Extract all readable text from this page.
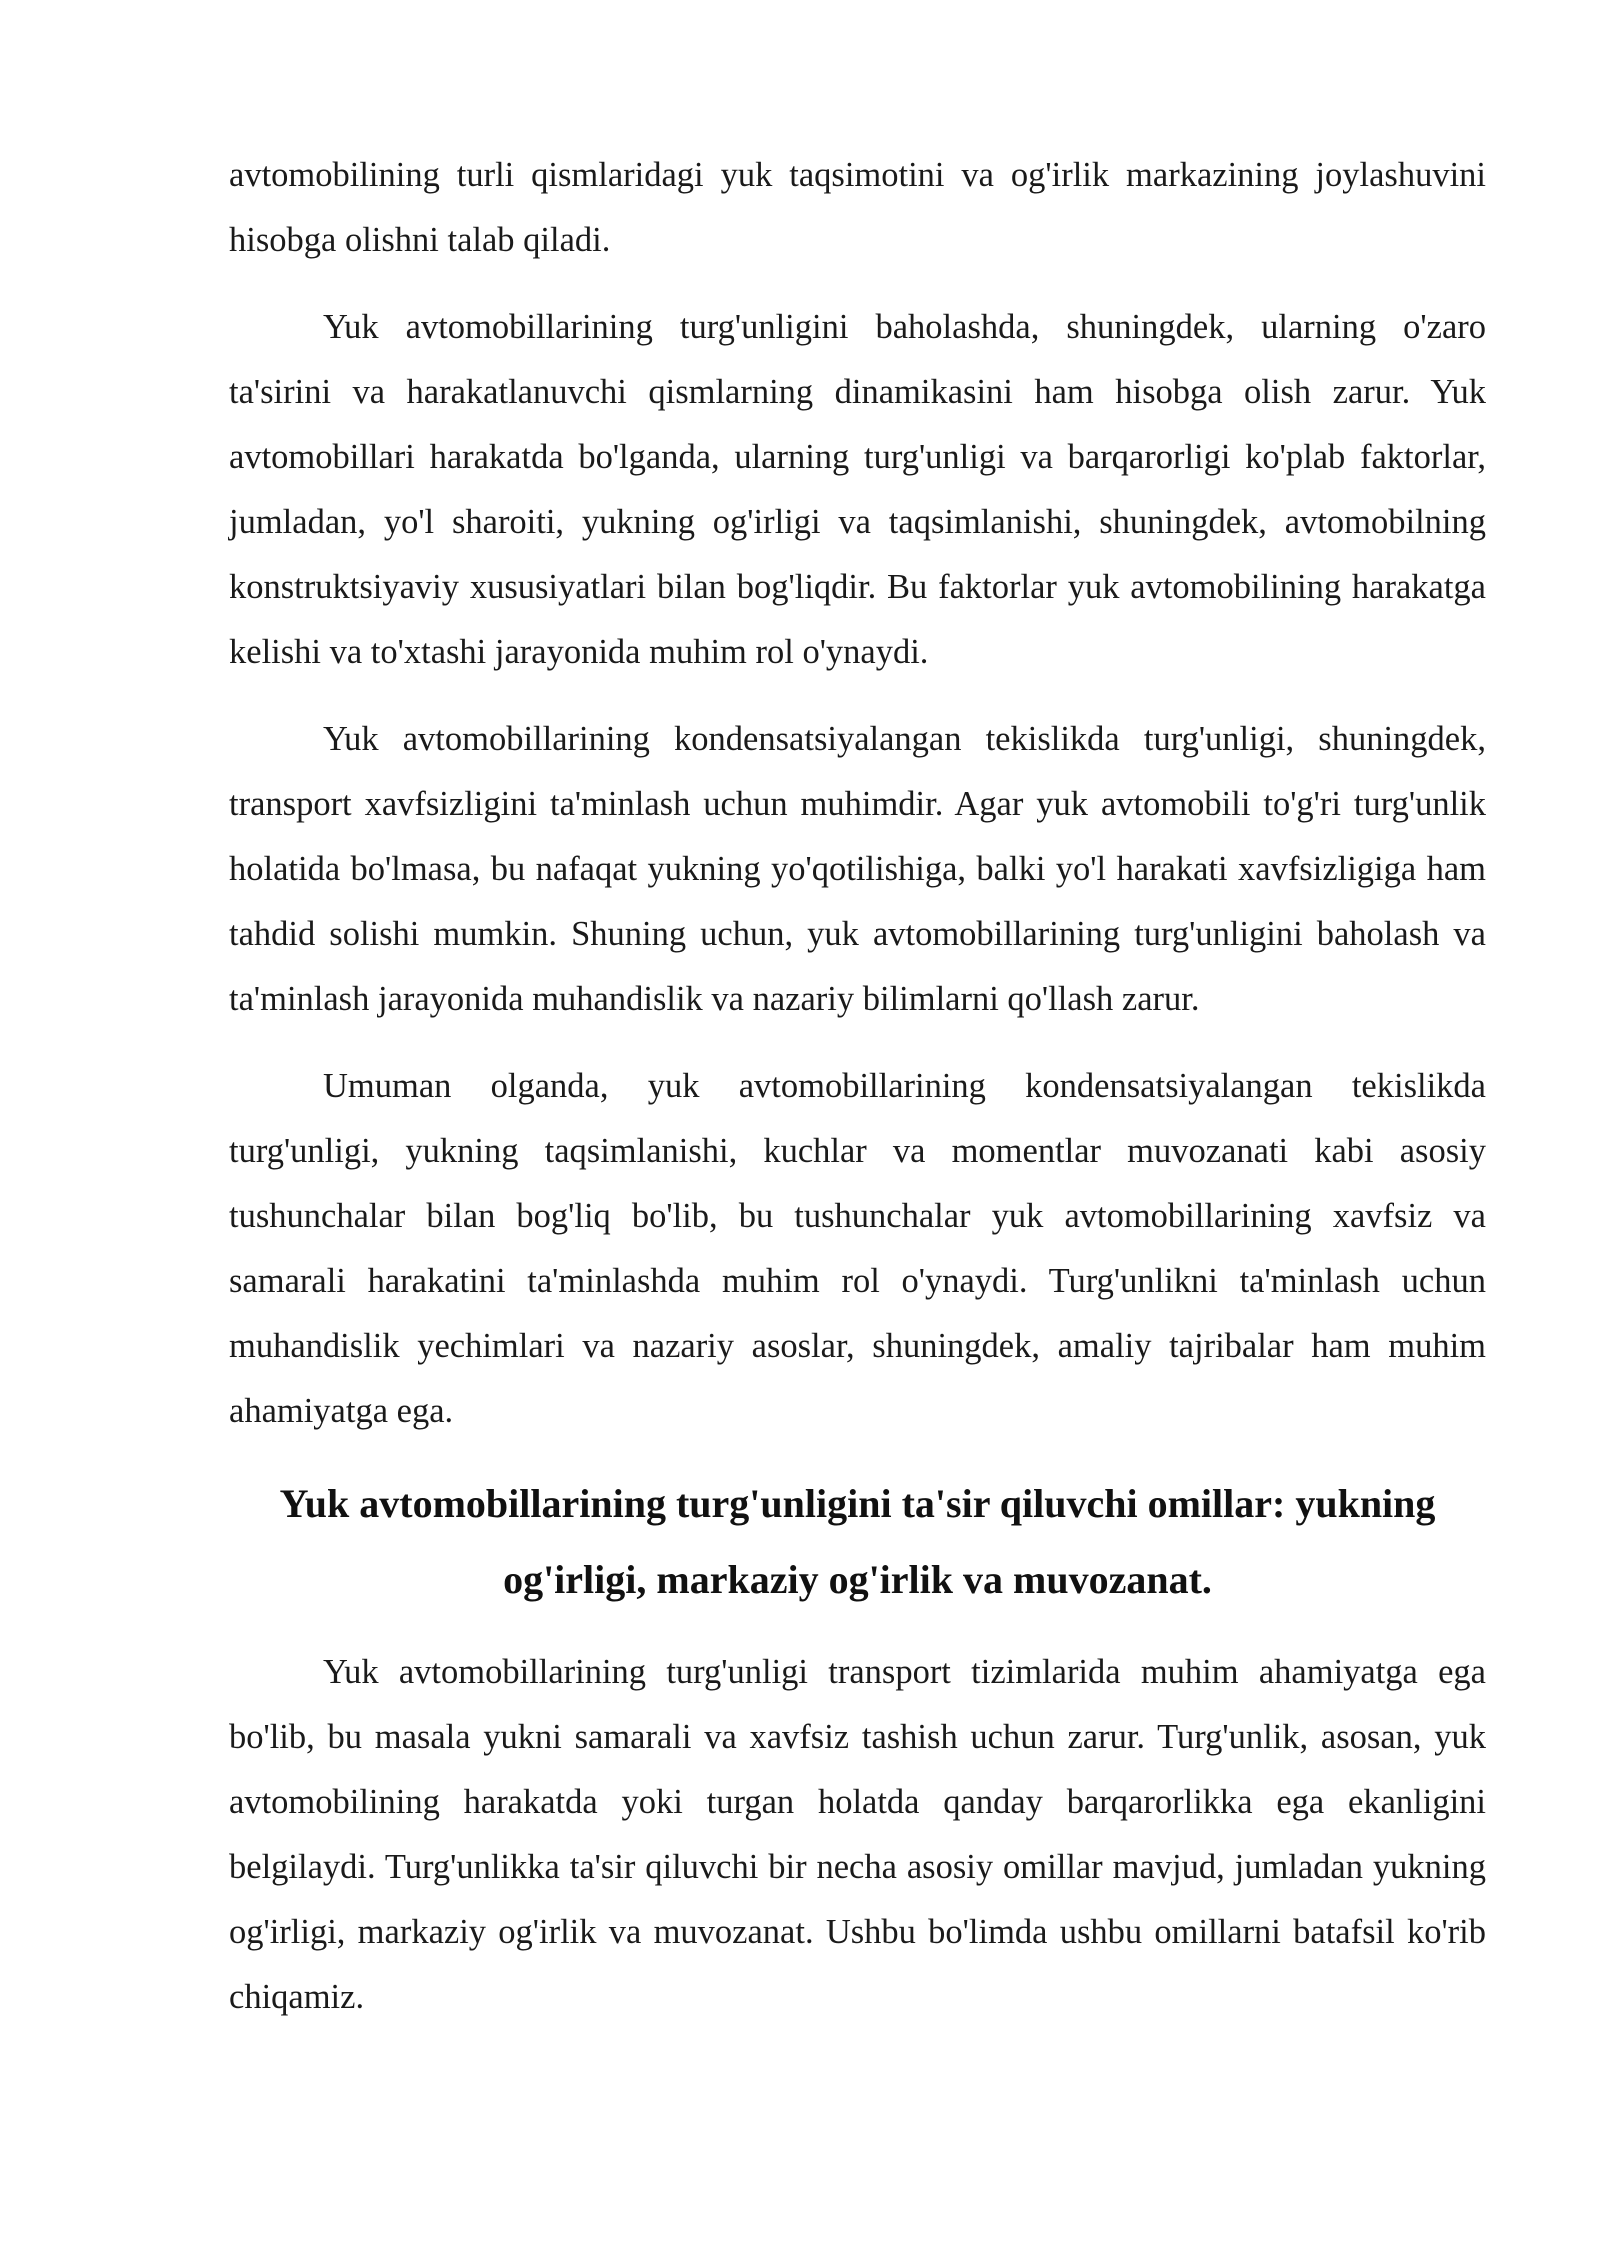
avtomobilining turli qismlaridagi yuk taqsimotini va og'irlik markazining joylashuvini hisobga olishni talab qiladi.

Yuk avtomobillarining turg'unligini baholashda, shuningdek, ularning o'zaro ta'sirini va harakatlanuvchi qismlarning dinamikasini ham hisobga olish zarur. Yuk avtomobillari harakatda bo'lganda, ularning turg'unligi va barqarorligi ko'plab faktorlar, jumladan, yo'l sharoiti, yukning og'irligi va taqsimlanishi, shuningdek, avtomobilning konstruktsiyaviy xususiyatlari bilan bog'liqdir. Bu faktorlar yuk avtomobilining harakatga kelishi va to'xtashi jarayonida muhim rol o'ynaydi.

Yuk avtomobillarining kondensatsiyalangan tekislikda turg'unligi, shuningdek, transport xavfsizligini ta'minlash uchun muhimdir. Agar yuk avtomobili to'g'ri turg'unlik holatida bo'lmasa, bu nafaqat yukning yo'qotilishiga, balki yo'l harakati xavfsizligiga ham tahdid solishi mumkin. Shuning uchun, yuk avtomobillarining turg'unligini baholash va ta'minlash jarayonida muhandislik va nazariy bilimlarni qo'llash zarur.

Umuman olganda, yuk avtomobillarining kondensatsiyalangan tekislikda turg'unligi, yukning taqsimlanishi, kuchlar va momentlar muvozanati kabi asosiy tushunchalar bilan bog'liq bo'lib, bu tushunchalar yuk avtomobillarining xavfsiz va samarali harakatini ta'minlashda muhim rol o'ynaydi. Turg'unlikni ta'minlash uchun muhandislik yechimlari va nazariy asoslar, shuningdek, amaliy tajribalar ham muhim ahamiyatga ega.

Yuk avtomobillarining turg'unligini ta'sir qiluvchi omillar: yukning og'irligi, markaziy og'irlik va muvozanat.

Yuk avtomobillarining turg'unligi transport tizimlarida muhim ahamiyatga ega bo'lib, bu masala yukni samarali va xavfsiz tashish uchun zarur. Turg'unlik, asosan, yuk avtomobilining harakatda yoki turgan holatda qanday barqarorlikka ega ekanligini belgilaydi. Turg'unlikka ta'sir qiluvchi bir necha asosiy omillar mavjud, jumladan yukning og'irligi, markaziy og'irlik va muvozanat. Ushbu bo'limda ushbu omillarni batafsil ko'rib chiqamiz.
